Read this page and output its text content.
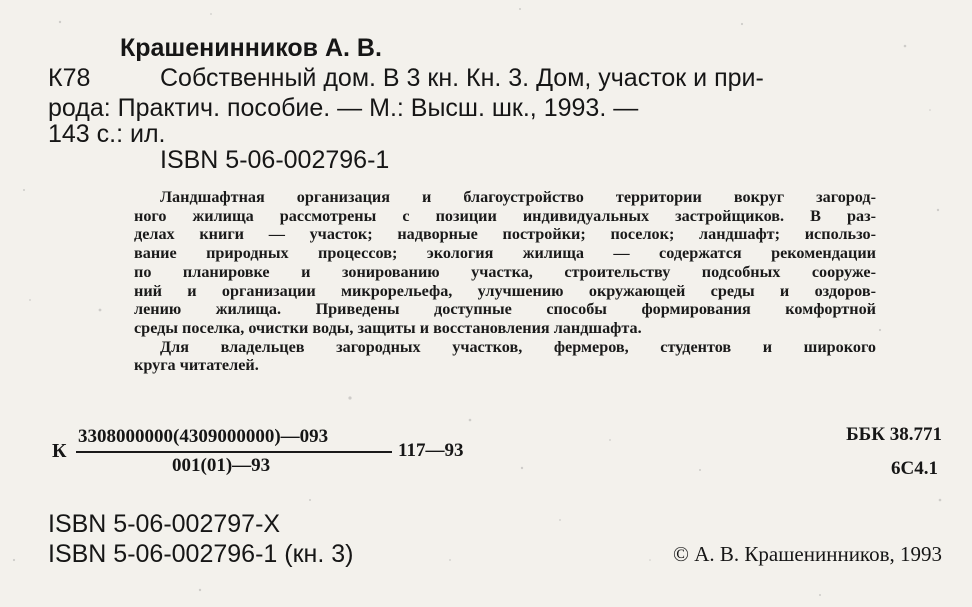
Крашенинников А. В.
К78	Собственный дом. В 3 кн. Кн. 3. Дом, участок и при-
рода: Практич. пособие. — М.: Высш. шк., 1993. —
143 с.: ил.
ISBN 5-06-002796-1
Ландшафтная организация и благоустройство территории вокруг загород-
ного жилища рассмотрены с позиции индивидуальных застройщиков. В раз-
делах книги — участок; надворные постройки; поселок; ландшафт; использо-
вание природных процессов; экология жилища — содержатся рекомендации
по планировке и зонированию участка, строительству подсобных сооруже-
ний и организации микрорельефа, улучшению окружающей среды и оздоров-
лению жилища. Приведены доступные способы формирования комфортной
среды поселка, очистки воды, защиты и восстановления ландшафта.
Для владельцев загородных участков, фермеров, студентов и широкого
круга читателей.
К
3308000000(4309000000)—093
001(01)—93
117—93
ББК 38.771
6С4.1
ISBN 5-06-002797-Х
ISBN 5-06-002796-1 (кн. 3)	© А. В. Крашенинников, 1993
